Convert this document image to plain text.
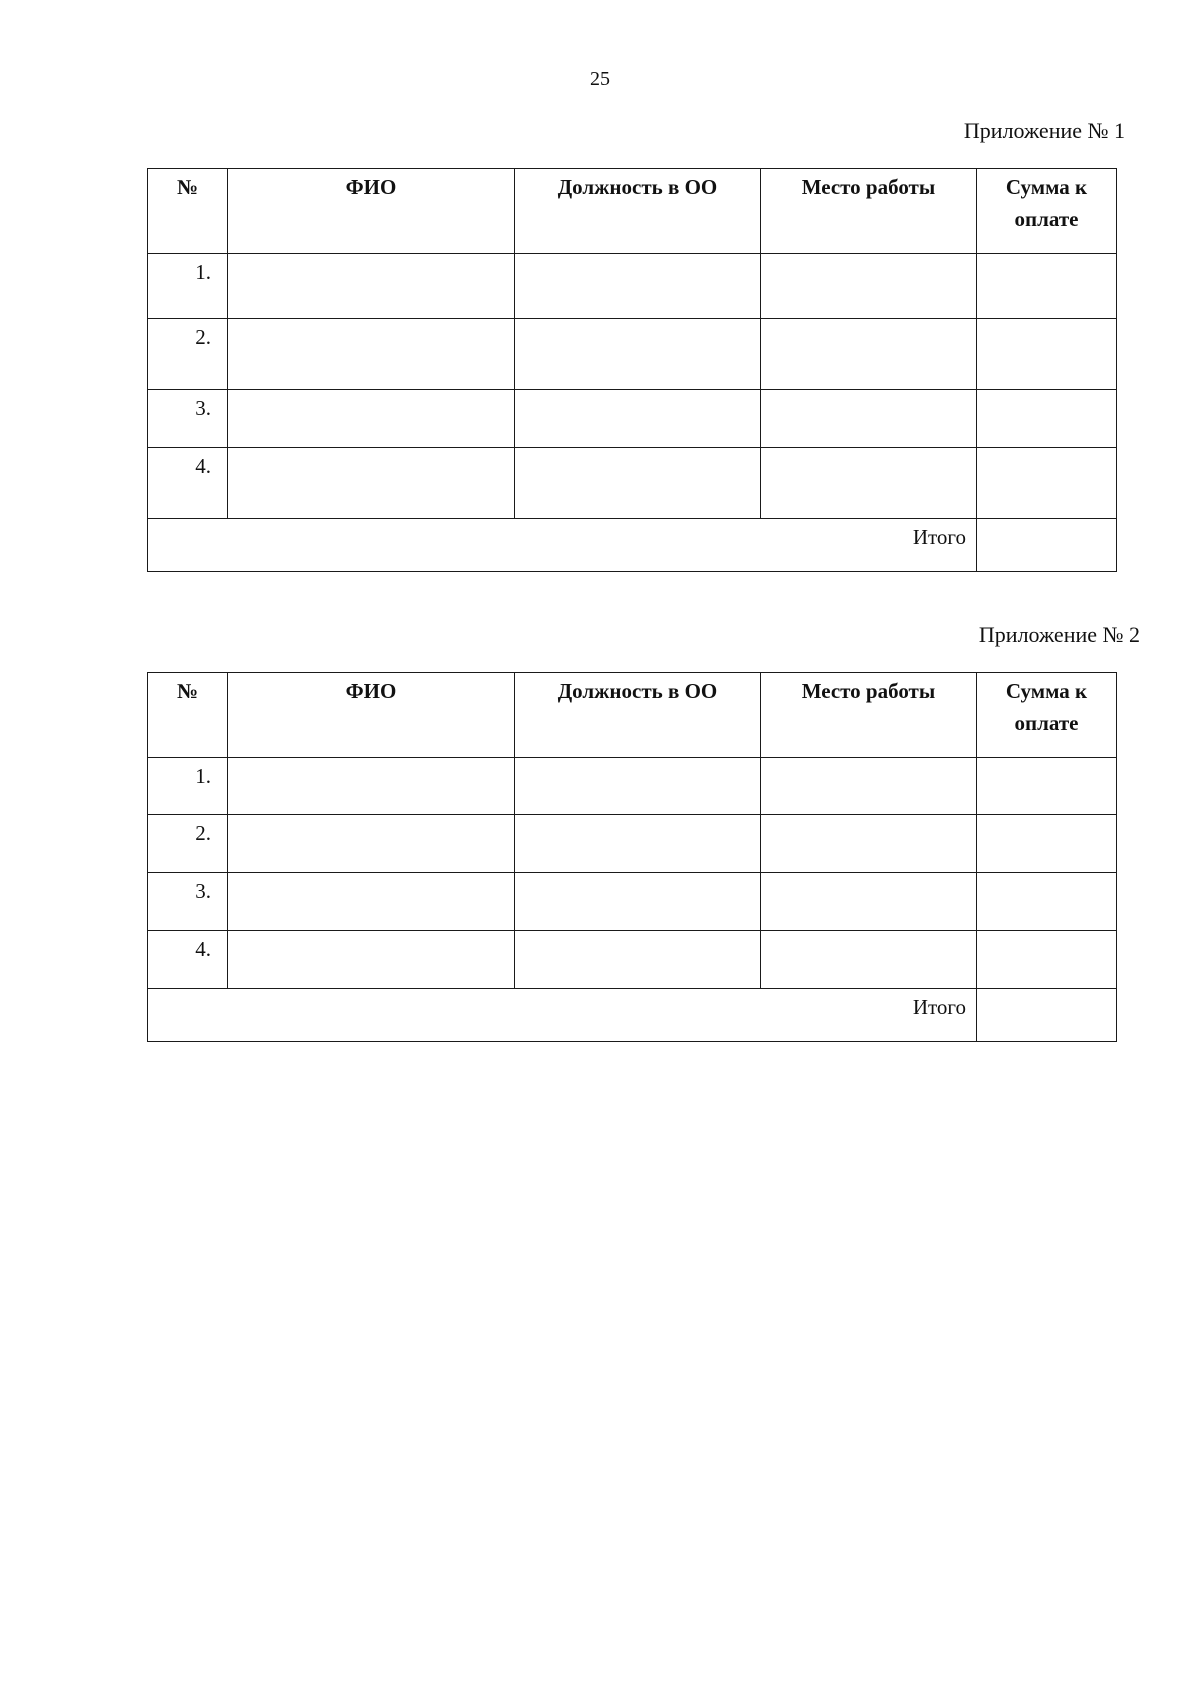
25
Приложение № 1
№	ФИО	Должность в ОО	Место работы	Сумма к оплате
1.				
2.				
3.				
4.				
Итого				
Приложение № 2
№	ФИО	Должность в ОО	Место работы	Сумма к оплате
1.				
2.				
3.				
4.				
Итого				
